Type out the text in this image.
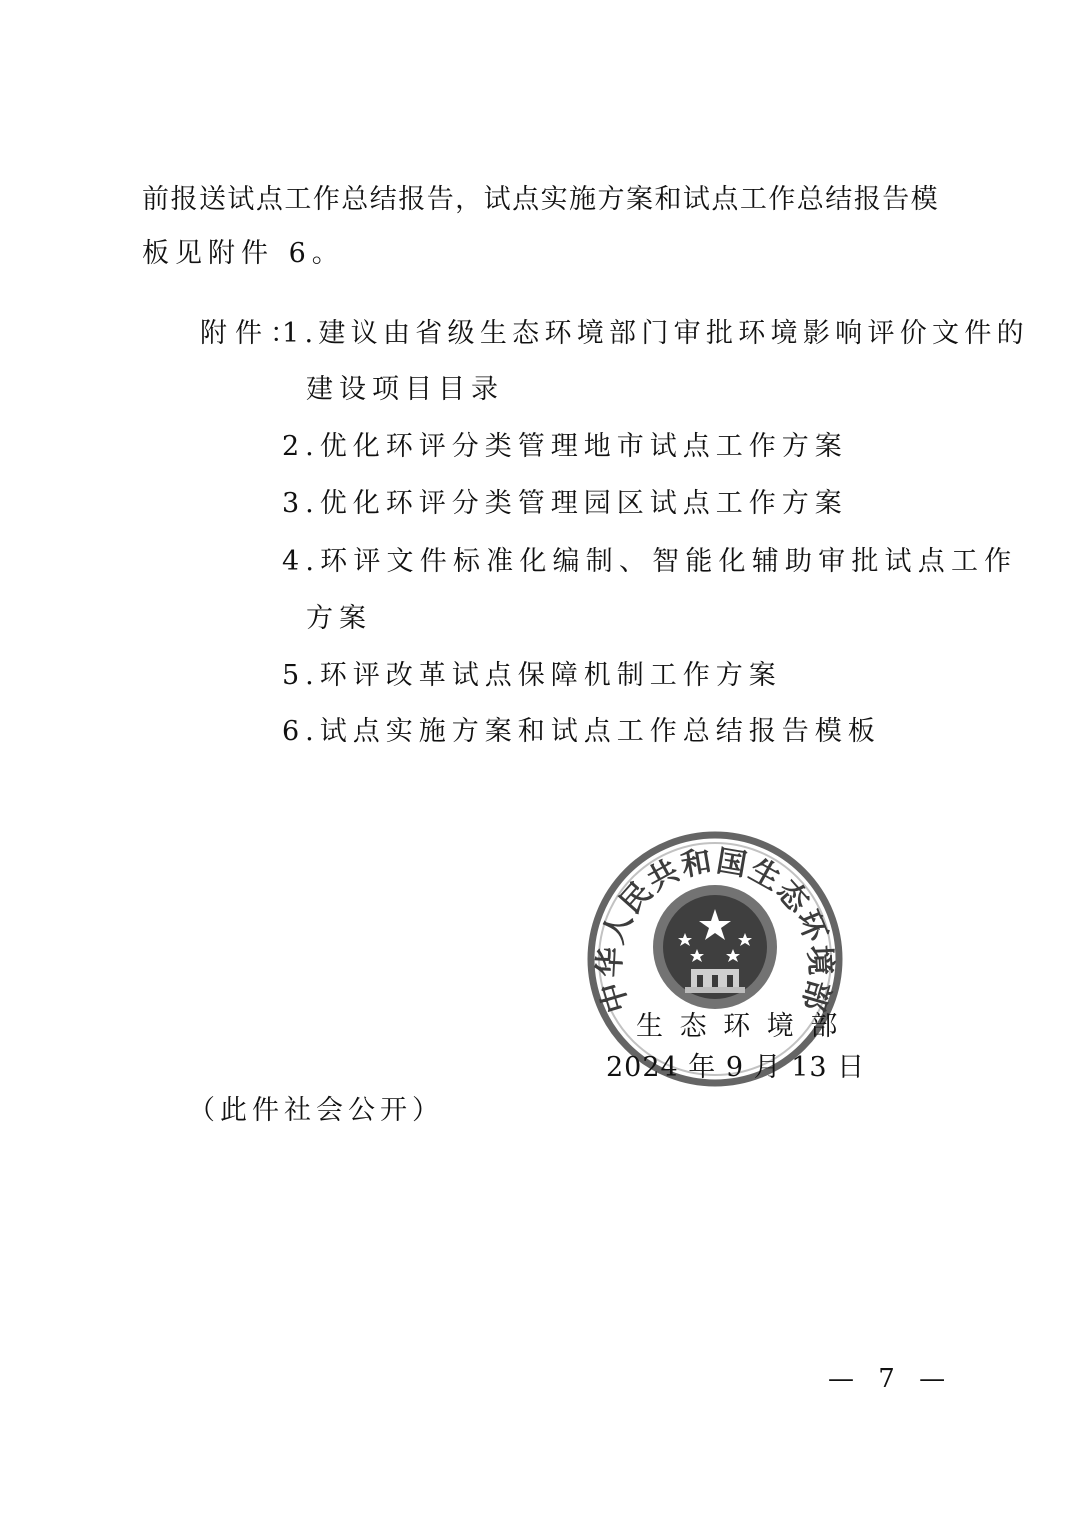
前 报 送 试 点 工 作 总 结 报 告 ， 试 点 实 施 方 案 和 试 点 工 作 总 结 报 告 模
板见附件 6。
附件：
1.建议由省级生态环境部门审批环境影响评价文件的
建设项目目录
2.优化环评分类管理地市试点工作方案
3.优化环评分类管理园区试点工作方案
4.环评文件标准化编制、智能化辅助审批试点工作
方案
5.环评改革试点保障机制工作方案
6.试点实施方案和试点工作总结报告模板
中华人民共和国生态环境部
生 态 环 境 部
2024 年 9 月 13 日
（此件社会公开）
— 7 —
